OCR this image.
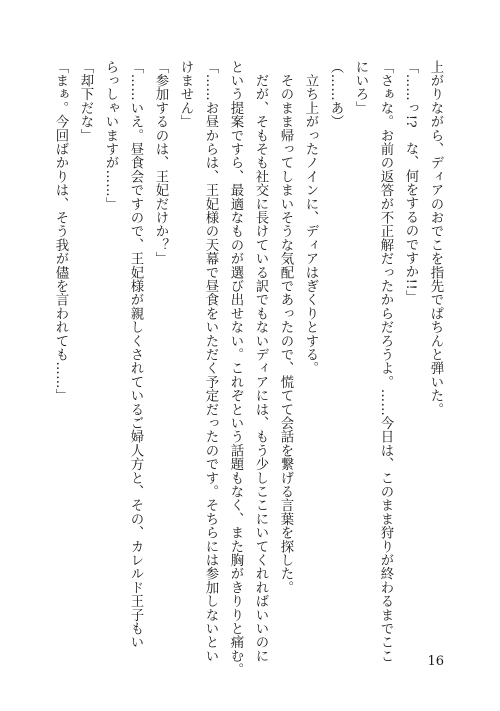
上がりながら、ディアのおでこを指先でぱちんと弾いた。

「……っ!?　な、何をするのですか!!」

「さぁな。お前の返答が不正解だったからだろうよ。……今日は、このまま狩りが終わるまでここ

にいろ」

（……あ）

　立ち上がったノインに、ディアはぎくりとする。

　そのまま帰ってしまいそうな気配であったので、慌てて会話を繋げる言葉を探した。

　だが、そもそも社交に長けている訳でもないディアには、もう少しここにいてくれればいいのに

という提案ですら、最適なものが選び出せない。これぞという話題もなく、また胸がきりりと痛む。

「……お昼からは、王妃様の天幕で昼食をいただく予定だったのです。そちらには参加しないとい

けません」

「参加するのは、王妃だけか？」

「……いえ。昼食会ですので、王妃様が親しくされているご婦人方と、その、カレルド王子もい

らっしゃいますが……」

「却下だな」

「まぁ。今回ばかりは、そう我が儘を言われても……」

16
